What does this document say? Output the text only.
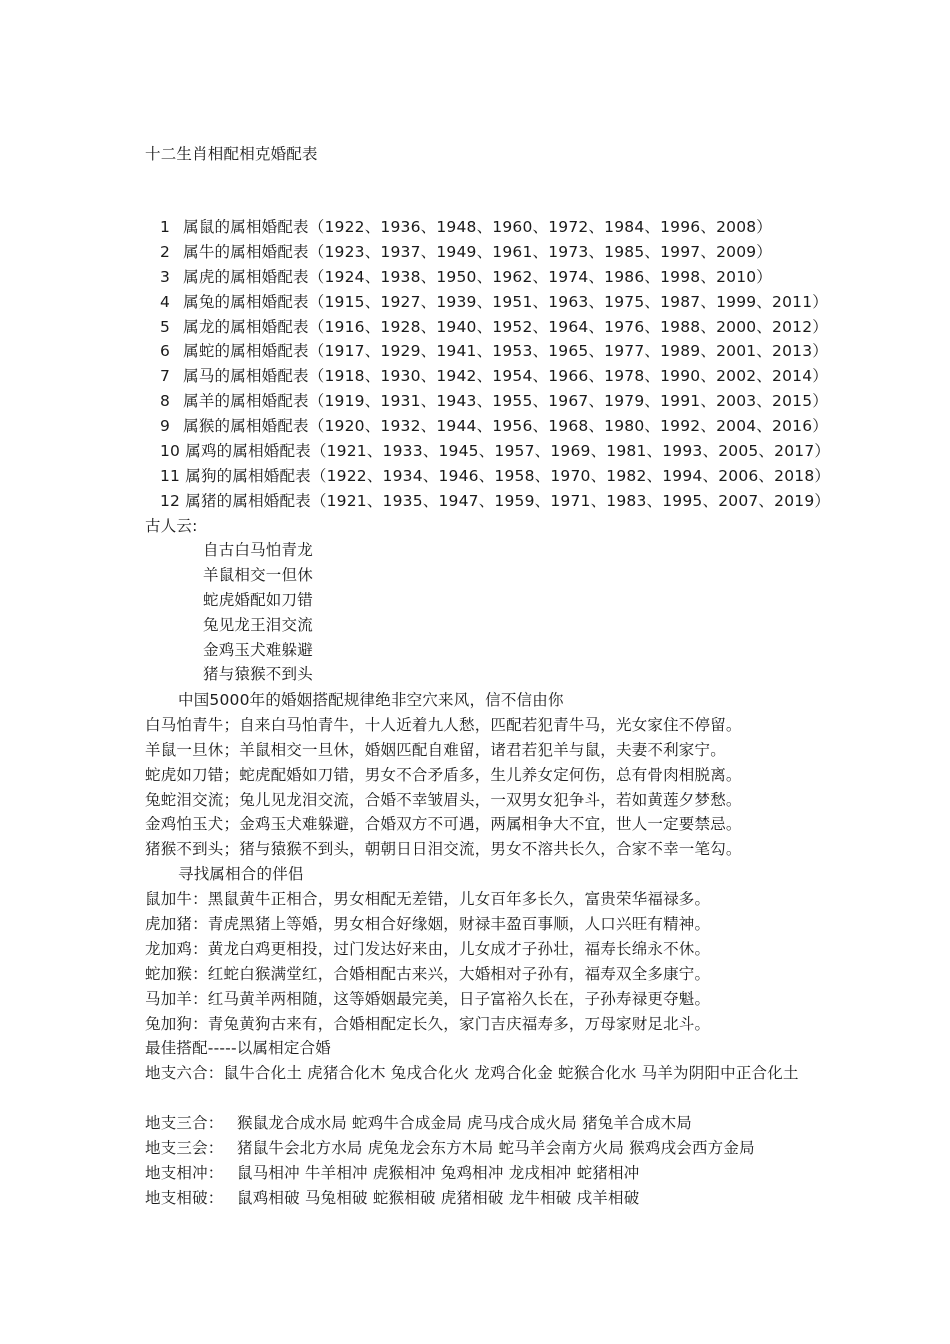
十二生肖相配相克婚配表
1 属鼠的属相婚配表（1922、1936、1948、1960、1972、1984、1996、2008）
2 属牛的属相婚配表（1923、1937、1949、1961、1973、1985、1997、2009）
3 属虎的属相婚配表（1924、1938、1950、1962、1974、1986、1998、2010）
4 属兔的属相婚配表（1915、1927、1939、1951、1963、1975、1987、1999、2011）
5 属龙的属相婚配表（1916、1928、1940、1952、1964、1976、1988、2000、2012）
6 属蛇的属相婚配表（1917、1929、1941、1953、1965、1977、1989、2001、2013）
7 属马的属相婚配表（1918、1930、1942、1954、1966、1978、1990、2002、2014）
8 属羊的属相婚配表（1919、1931、1943、1955、1967、1979、1991、2003、2015）
9 属猴的属相婚配表（1920、1932、1944、1956、1968、1980、1992、2004、2016）
10 属鸡的属相婚配表（1921、1933、1945、1957、1969、1981、1993、2005、2017）
11 属狗的属相婚配表（1922、1934、1946、1958、1970、1982、1994、2006、2018）
12 属猪的属相婚配表（1921、1935、1947、1959、1971、1983、1995、2007、2019）
古人云:
自古白马怕青龙
羊鼠相交一但休
蛇虎婚配如刀错
兔见龙王泪交流
金鸡玉犬难躲避
猪与猿猴不到头
中国5000年的婚姻搭配规律绝非空穴来风，信不信由你
白马怕青牛；自来白马怕青牛，十人近着九人愁，匹配若犯青牛马，光女家住不停留。
羊鼠一旦休；羊鼠相交一旦休，婚姻匹配自难留，诸君若犯羊与鼠，夫妻不利家宁。
蛇虎如刀错；蛇虎配婚如刀错，男女不合矛盾多，生儿养女定何伤，总有骨肉相脱离。
兔蛇泪交流；兔儿见龙泪交流，合婚不幸皱眉头，一双男女犯争斗，若如黄莲夕梦愁。
金鸡怕玉犬；金鸡玉犬难躲避，合婚双方不可遇，两属相争大不宜，世人一定要禁忌。
猪猴不到头；猪与猿猴不到头，朝朝日日泪交流，男女不溶共长久，合家不幸一笔勾。
寻找属相合的伴侣
鼠加牛：黑鼠黄牛正相合，男女相配无差错，儿女百年多长久，富贵荣华福禄多。
虎加猪：青虎黑猪上等婚，男女相合好缘姻，财禄丰盈百事顺，人口兴旺有精神。
龙加鸡：黄龙白鸡更相投，过门发达好来由，儿女成才子孙壮，福寿长绵永不休。
蛇加猴：红蛇白猴满堂红，合婚相配古来兴，大婚相对子孙有，福寿双全多康宁。
马加羊：红马黄羊两相随，这等婚姻最完美，日子富裕久长在，子孙寿禄更夺魁。
兔加狗：青兔黄狗古来有，合婚相配定长久，家门吉庆福寿多，万母家财足北斗。
最佳搭配-----以属相定合婚
地支六合：鼠牛合化土 虎猪合化木 兔戌合化火 龙鸡合化金 蛇猴合化水 马羊为阴阳中正合化土
地支三合： 猴鼠龙合成水局 蛇鸡牛合成金局 虎马戌合成火局 猪兔羊合成木局
地支三会： 猪鼠牛会北方水局 虎兔龙会东方木局 蛇马羊会南方火局 猴鸡戌会西方金局
地支相冲： 鼠马相冲 牛羊相冲 虎猴相冲 兔鸡相冲 龙戌相冲 蛇猪相冲
地支相破： 鼠鸡相破 马兔相破 蛇猴相破 虎猪相破 龙牛相破 戌羊相破
